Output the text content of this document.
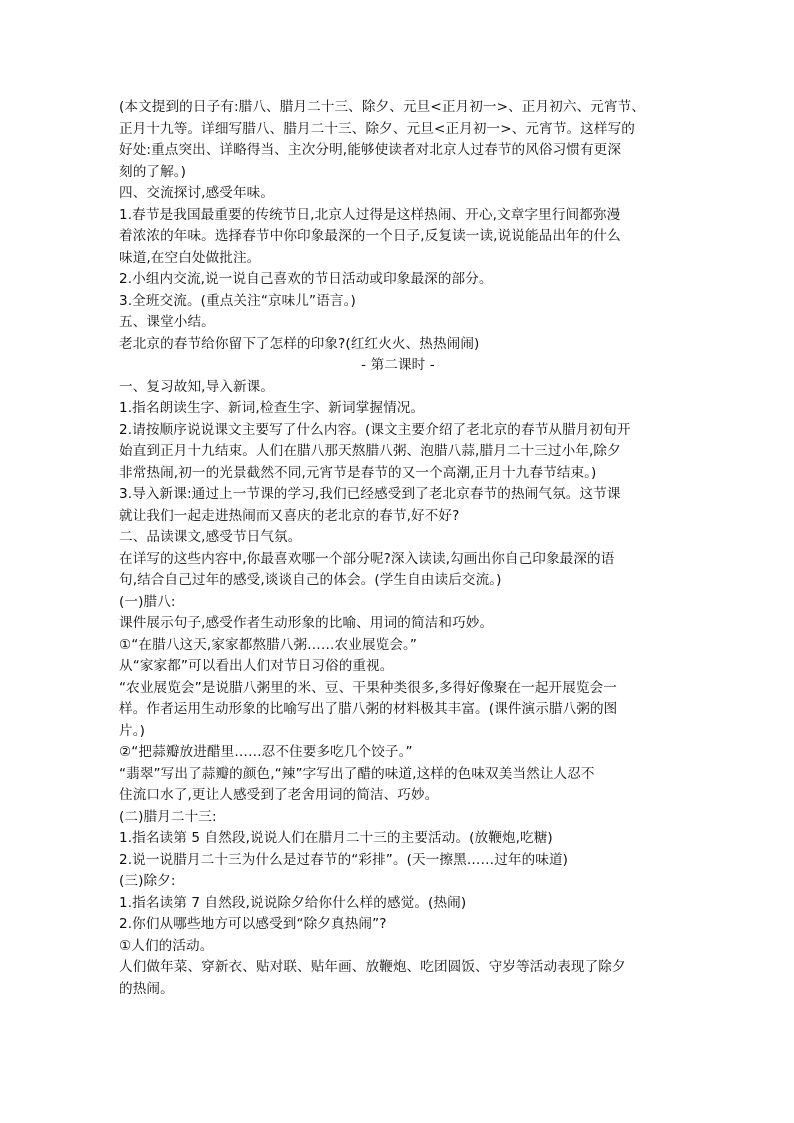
(本文提到的日子有:腊八、腊月二十三、除夕、元旦<正月初一>、正月初六、元宵节、

正月十九等。详细写腊八、腊月二十三、除夕、元旦<正月初一>、元宵节。这样写的

好处:重点突出、详略得当、主次分明,能够使读者对北京人过春节的风俗习惯有更深

刻的了解。)

四、交流探讨,感受年味。

1.春节是我国最重要的传统节日,北京人过得是这样热闹、开心,文章字里行间都弥漫

着浓浓的年味。选择春节中你印象最深的一个日子,反复读一读,说说能品出年的什么

味道,在空白处做批注。

2.小组内交流,说一说自己喜欢的节日活动或印象最深的部分。

3.全班交流。(重点关注“京味儿”语言。)

五、课堂小结。

老北京的春节给你留下了怎样的印象?(红红火火、热热闹闹)

- 第二课时 -

一、复习故知,导入新课。

1.指名朗读生字、新词,检查生字、新词掌握情况。

2.请按顺序说说课文主要写了什么内容。(课文主要介绍了老北京的春节从腊月初旬开

始直到正月十九结束。人们在腊八那天熬腊八粥、泡腊八蒜,腊月二十三过小年,除夕

非常热闹,初一的光景截然不同,元宵节是春节的又一个高潮,正月十九春节结束。)

3.导入新课:通过上一节课的学习,我们已经感受到了老北京春节的热闹气氛。这节课

就让我们一起走进热闹而又喜庆的老北京的春节,好不好?

二、品读课文,感受节日气氛。

在详写的这些内容中,你最喜欢哪一个部分呢?深入读读,勾画出你自己印象最深的语

句,结合自己过年的感受,谈谈自己的体会。(学生自由读后交流。)

(一)腊八:

课件展示句子,感受作者生动形象的比喻、用词的简洁和巧妙。

①“在腊八这天,家家都熬腊八粥……农业展览会。”

从“家家都”可以看出人们对节日习俗的重视。

“农业展览会”是说腊八粥里的米、豆、干果种类很多,多得好像聚在一起开展览会一

样。作者运用生动形象的比喻写出了腊八粥的材料极其丰富。(课件演示腊八粥的图

片。)

②“把蒜瓣放进醋里……忍不住要多吃几个饺子。”

“翡翠”写出了蒜瓣的颜色,“辣”字写出了醋的味道,这样的色味双美当然让人忍不

住流口水了,更让人感受到了老舍用词的简洁、巧妙。

(二)腊月二十三:

1.指名读第 5 自然段,说说人们在腊月二十三的主要活动。(放鞭炮,吃糖)

2.说一说腊月二十三为什么是过春节的“彩排”。(天一擦黑……过年的味道)

(三)除夕:

1.指名读第 7 自然段,说说除夕给你什么样的感觉。(热闹)

2.你们从哪些地方可以感受到“除夕真热闹”?

①人们的活动。

人们做年菜、穿新衣、贴对联、贴年画、放鞭炮、吃团圆饭、守岁等活动表现了除夕

的热闹。
